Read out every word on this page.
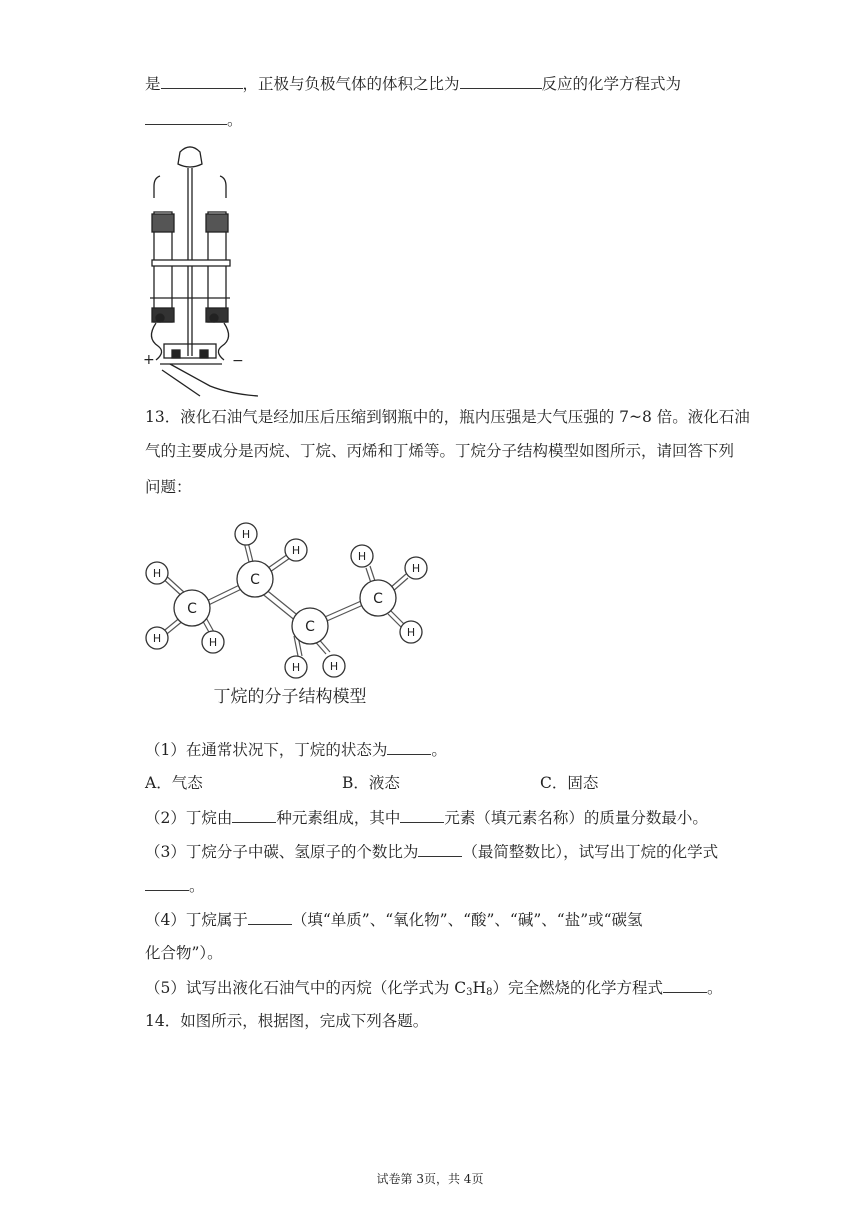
是	，正极与负极气体的体积之比为	反应的化学方程式为
。
+	−
13．液化石油气是经加压后压缩到钢瓶中的，瓶内压强是大气压强的 7~8 倍。液化石油
气的主要成分是丙烷、丁烷、丙烯和丁烯等。丁烷分子结构模型如图所示，请回答下列
问题：
C
C
C
C
H
H	H
H
H
H	H
H
H
H
丁烷的分子结构模型
（1）在通常状况下，丁烷的状态为	。
A．气态	B．液态	C．固态
（2）丁烷由	种元素组成，其中	元素（填元素名称）的质量分数最小。
（3）丁烷分子中碳、氢原子的个数比为	（最简整数比），试写出丁烷的化学式
。
（4）丁烷属于	（填“单质”、“氧化物”、“酸”、“碱”、“盐”或“碳氢
化合物”）。
（5）试写出液化石油气中的丙烷（化学式为 $C_3H_8$）完全燃烧的化学方程式	。
14．如图所示，根据图，完成下列各题。
试卷第 3页，共 4页
